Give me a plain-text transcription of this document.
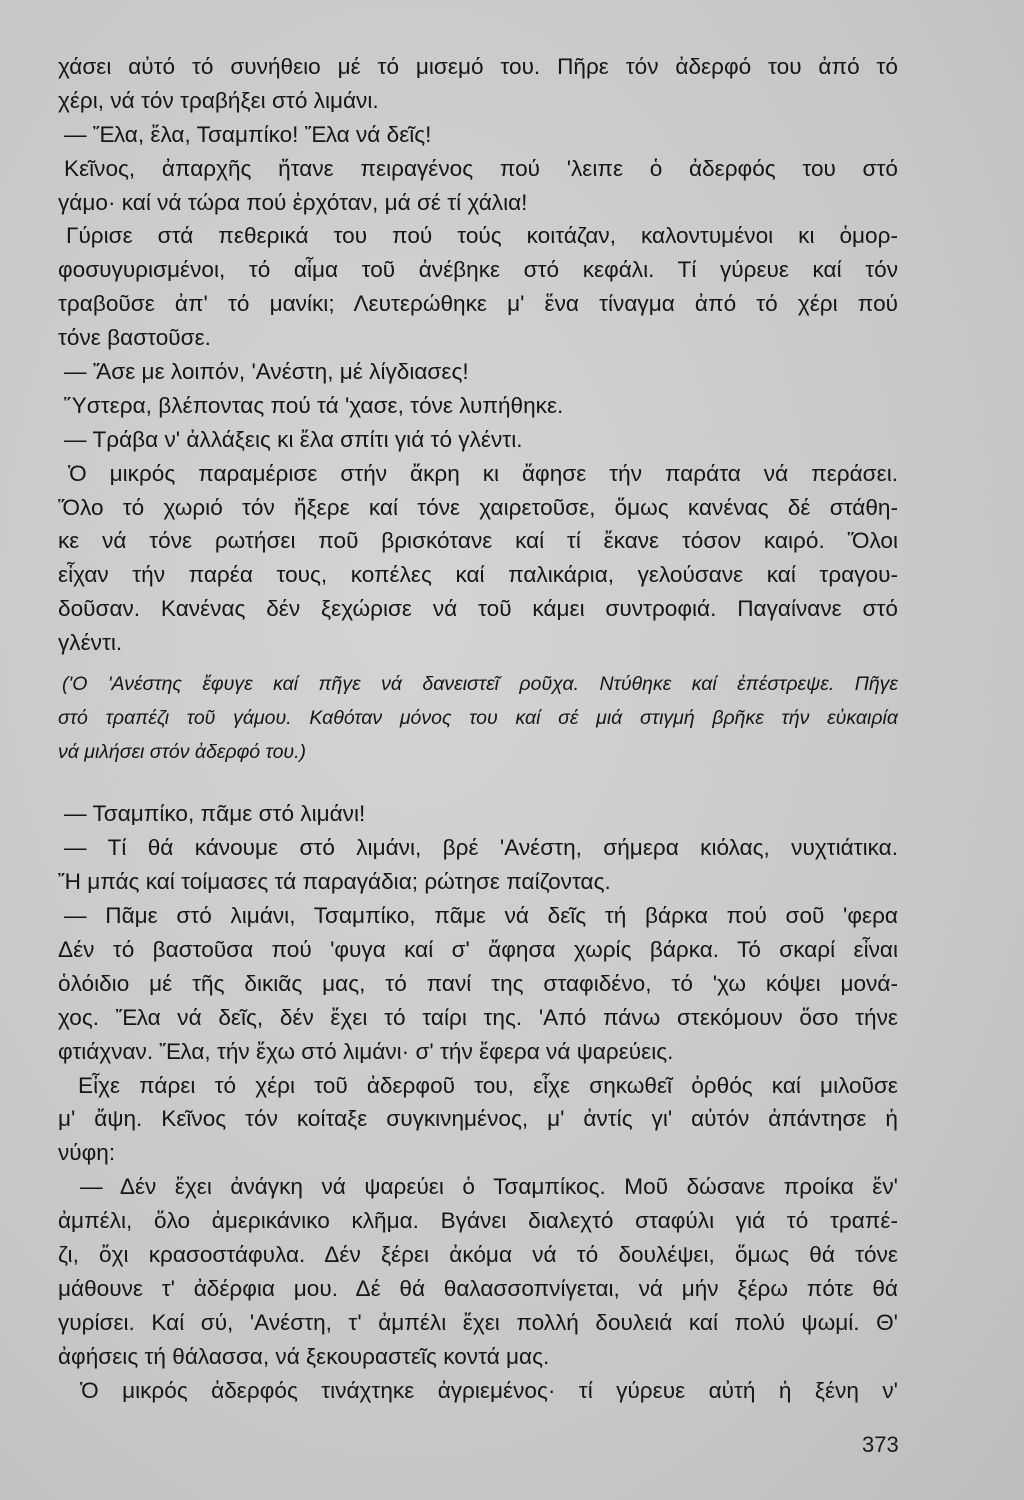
χάσει αὐτό τό συνήθειο μέ τό μισεμό του. Πῆρε τόν ἀδερφό του ἀπό τό
χέρι, νά τόν τραβήξει στό λιμάνι.
— Ἔλα, ἔλα, Τσαμπίκο! Ἔλα νά δεῖς!
Κεῖνος, ἀπαρχῆς ἤτανε πειραγένος πού 'λειπε ὁ ἀδερφός του στό
γάμο· καί νά τώρα πού ἐρχόταν, μά σέ τί χάλια!
Γύρισε στά πεθερικά του πού τούς κοιτάζαν, καλοντυμένοι κι ὁμορ-
φοσυγυρισμένοι, τό αἷμα τοῦ ἀνέβηκε στό κεφάλι. Τί γύρευε καί τόν
τραβοῦσε ἀπ' τό μανίκι; Λευτερώθηκε μ' ἕνα τίναγμα ἀπό τό χέρι πού
τόνε βαστοῦσε.
— Ἄσε με λοιπόν, 'Ανέστη, μέ λίγδιασες!
Ὕστερα, βλέποντας πού τά 'χασε, τόνε λυπήθηκε.
— Τράβα ν' ἀλλάξεις κι ἔλα σπίτι γιά τό γλέντι.
Ὁ μικρός παραμέρισε στήν ἄκρη κι ἄφησε τήν παράτα νά περάσει.
Ὅλο τό χωριό τόν ἤξερε καί τόνε χαιρετοῦσε, ὅμως κανένας δέ στάθη-
κε νά τόνε ρωτήσει ποῦ βρισκότανε καί τί ἔκανε τόσον καιρό. Ὅλοι
εἶχαν τήν παρέα τους, κοπέλες καί παλικάρια, γελούσανε καί τραγου-
δοῦσαν. Κανένας δέν ξεχώρισε νά τοῦ κάμει συντροφιά. Παγαίνανε στό
γλέντι.
('Ο 'Ανέστης ἔφυγε καί πῆγε νά δανειστεῖ ροῦχα. Ντύθηκε καί ἐπέστρεψε. Πῆγε
στό τραπέζι τοῦ γάμου. Καθόταν μόνος του καί σέ μιά στιγμή βρῆκε τήν εὐκαιρία
νά μιλήσει στόν ἀδερφό του.)
— Τσαμπίκο, πᾶμε στό λιμάνι!
— Τί θά κάνουμε στό λιμάνι, βρέ 'Ανέστη, σήμερα κιόλας, νυχτιάτικα.
Ἤ μπάς καί τοίμασες τά παραγάδια; ρώτησε παίζοντας.
— Πᾶμε στό λιμάνι, Τσαμπίκο, πᾶμε νά δεῖς τή βάρκα πού σοῦ 'φερα
Δέν τό βαστοῦσα πού 'φυγα καί σ' ἄφησα χωρίς βάρκα. Τό σκαρί εἶναι
ὁλόιδιο μέ τῆς δικιᾶς μας, τό πανί της σταφιδένο, τό 'χω κόψει μονά-
χος. Ἔλα νά δεῖς, δέν ἔχει τό ταίρι της. 'Από πάνω στεκόμουν ὅσο τήνε
φτιάχναν. Ἔλα, τήν ἔχω στό λιμάνι· σ' τήν ἔφερα νά ψαρεύεις.
Εἶχε πάρει τό χέρι τοῦ ἀδερφοῦ του, εἶχε σηκωθεῖ ὀρθός καί μιλοῦσε
μ' ἄψη. Κεῖνος τόν κοίταξε συγκινημένος, μ' ἀντίς γι' αὐτόν ἀπάντησε ἡ
νύφη:
— Δέν ἔχει ἀνάγκη νά ψαρεύει ὁ Τσαμπίκος. Μοῦ δώσανε προίκα ἔν'
ἀμπέλι, ὅλο ἀμερικάνικο κλῆμα. Βγάνει διαλεχτό σταφύλι γιά τό τραπέ-
ζι, ὄχι κρασοστάφυλα. Δέν ξέρει ἀκόμα νά τό δουλέψει, ὅμως θά τόνε
μάθουνε τ' ἀδέρφια μου. Δέ θά θαλασσοπνίγεται, νά μήν ξέρω πότε θά
γυρίσει. Καί σύ, 'Ανέστη, τ' ἀμπέλι ἔχει πολλή δουλειά καί πολύ ψωμί. Θ'
ἀφήσεις τή θάλασσα, νά ξεκουραστεῖς κοντά μας.
Ὁ μικρός ἀδερφός τινάχτηκε ἀγριεμένος· τί γύρευε αὐτή ἡ ξένη ν'
373
